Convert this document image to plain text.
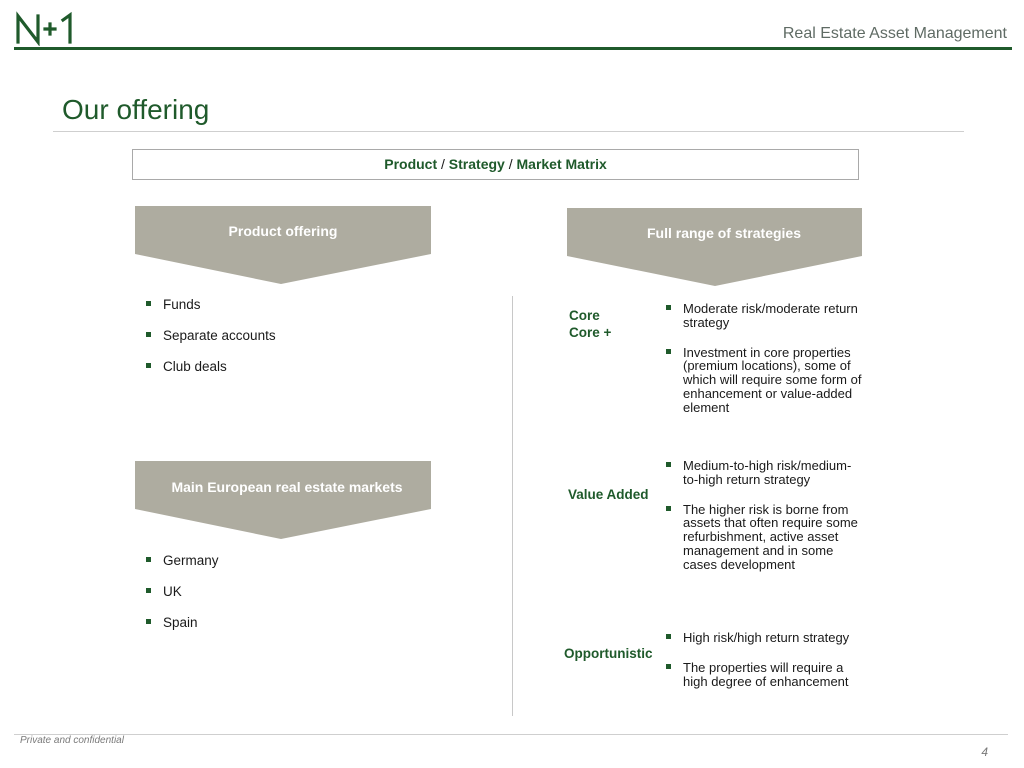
Real Estate Asset Management
Our offering
Product / Strategy / Market Matrix
Product offering
Funds
Separate accounts
Club deals
Main European real estate markets
Germany
UK
Spain
Full range of strategies
Core
Core +
Moderate risk/moderate return strategy
Investment in core properties (premium locations), some of which will require some form of enhancement or value-added element
Value Added
Medium-to-high risk/medium-to-high return strategy
The higher risk is borne from assets that often require some refurbishment, active asset management and in some cases development
Opportunistic
High risk/high return strategy
The properties will require a high degree of enhancement
Private and confidential
4
